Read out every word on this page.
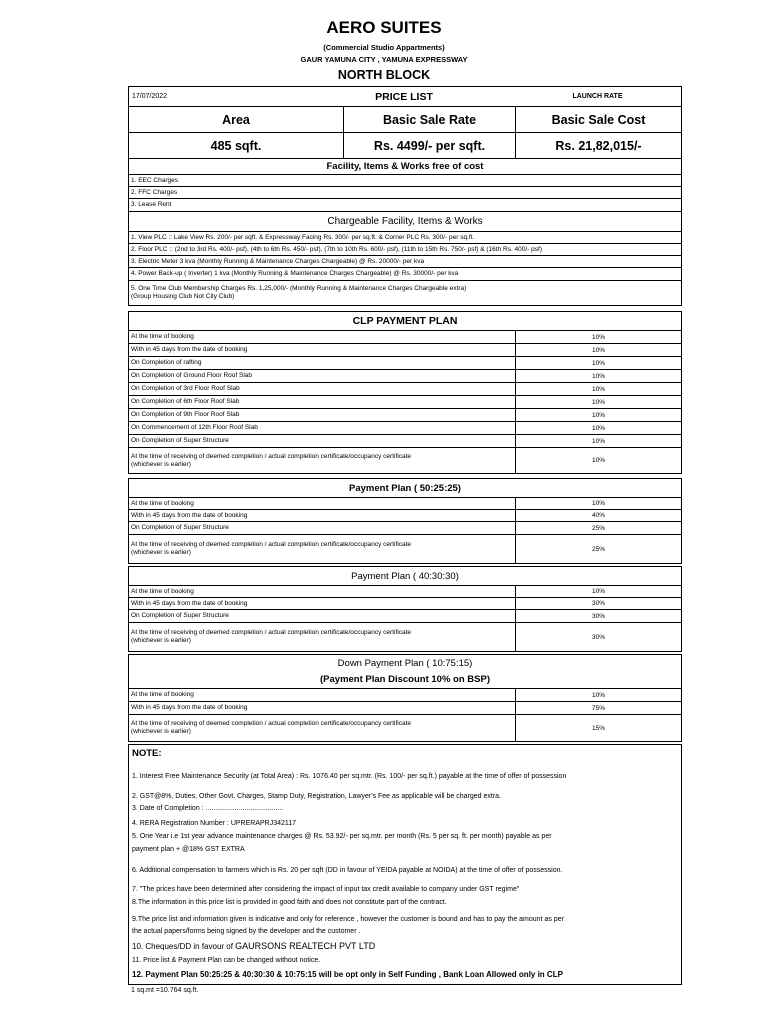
AERO SUITES
(Commercial Studio Appartments)
GAUR YAMUNA CITY , YAMUNA EXPRESSWAY
NORTH BLOCK
17/07/2022	PRICE LIST	LAUNCH RATE
Area	Basic Sale Rate	Basic Sale Cost
485 sqft.	Rs. 4499/- per sqft.	Rs. 21,82,015/-
Facility, Items & Works free of cost
1. EEC Charges
2. FFC Charges
3. Lease Rent
Chargeable Facility, Items & Works
1. View PLC :: Lake View Rs. 200/- per sqft. & Expressway Facing Rs. 300/- per sq.ft. & Corner PLC Rs. 300/- per sq.ft.
2. Floor PLC :: (2nd to 3rd Rs. 400/- psf), (4th to 6th Rs. 450/- psf), (7th to 10th Rs. 600/- psf), (11th to 15th Rs. 750/- psf) & (16th Rs. 400/- psf)
3. Electric Meter 3 kva (Monthly Running & Maintenance Charges Chargeable) @ Rs. 20000/- per kva
4. Power Back-up ( Inverter) 1 kva (Monthly Running & Maintenance Charges Chargeable) @ Rs. 30000/- per kva
5. One Time Club Membership Charges Rs. 1,25,000/- (Monthly Running & Maintenance Charges Chargeable extra)
(Group Housing Club Not City Club)
CLP PAYMENT PLAN
At the time of booking	10%
With in 45 days from the date of booking	10%
On Completion of rafting	10%
On Completion of Ground Floor Roof Slab	10%
On Completion of 3rd Floor Roof Slab	10%
On Completion of 6th Floor Roof Slab	10%
On Completion of 9th Floor Roof Slab	10%
On Commencement of 12th Floor Roof Slab	10%
On Completion of Super Structure	10%
At the time of receiving of deemed completion / actual completion certificate/occupancy certificate
(whichever is earlier)	10%
Payment Plan ( 50:25:25)
At the time of booking	10%
With in 45 days from the date of booking	40%
On Completion of Super Structure	25%
At the time of receiving of deemed completion / actual completion certificate/occupancy certificate
(whichever is earlier)	25%
Payment Plan ( 40:30:30)
At the time of booking	10%
With in 45 days from the date of booking	30%
On Completion of Super Structure	30%
At the time of receiving of deemed completion / actual completion certificate/occupancy certificate
(whichever is earlier)	30%
Down Payment Plan ( 10:75:15)
(Payment Plan Discount 10% on BSP)
At the time of booking	10%
With in 45 days from the date of booking	75%
At the time of receiving of deemed completion / actual completion certificate/occupancy certificate
(whichever is earlier)	15%
NOTE:
1. Interest Free Maintenance Security (at Total Area) : Rs. 1076.40 per sq.mtr. (Rs. 100/- per sq.ft.) payable at the time of offer of possession
2. GST@8%, Duties, Other Govt. Charges, Stamp Duty, Registration, Lawyer's Fee as applicable will be charged extra.
3. Date of Completion : ........................................
4. RERA Registration Number : UPRERAPRJ342117
5. One Year i.e 1st year advance maintenance charges @ Rs. 53.92/- per sq.mtr. per month (Rs. 5 per sq. ft. per month) payable as per
payment plan + @18% GST EXTRA
6. Additional compensation to farmers which is Rs. 20 per sqft (DD in favour of YEIDA payable at NOIDA) at the time of offer of possession.
7. "The prices have been determined after considering the impact of input tax credit available to company under GST regime"
8.The information in this price list is provided in good faith and does not constitute part of the contract.
9.The price list and information given is indicative and only for reference , however the customer is bound and has to pay the amount as per
the actual papers/forms being signed by the developer and the customer .
10. Cheques/DD in favour of GAURSONS REALTECH PVT LTD
11. Price list & Payment Plan can be changed without notice.
12. Payment Plan 50:25:25 & 40:30:30 & 10:75:15 will be opt only in Self Funding , Bank Loan Allowed only in CLP
1 sq.mt =10.764 sq.ft.
